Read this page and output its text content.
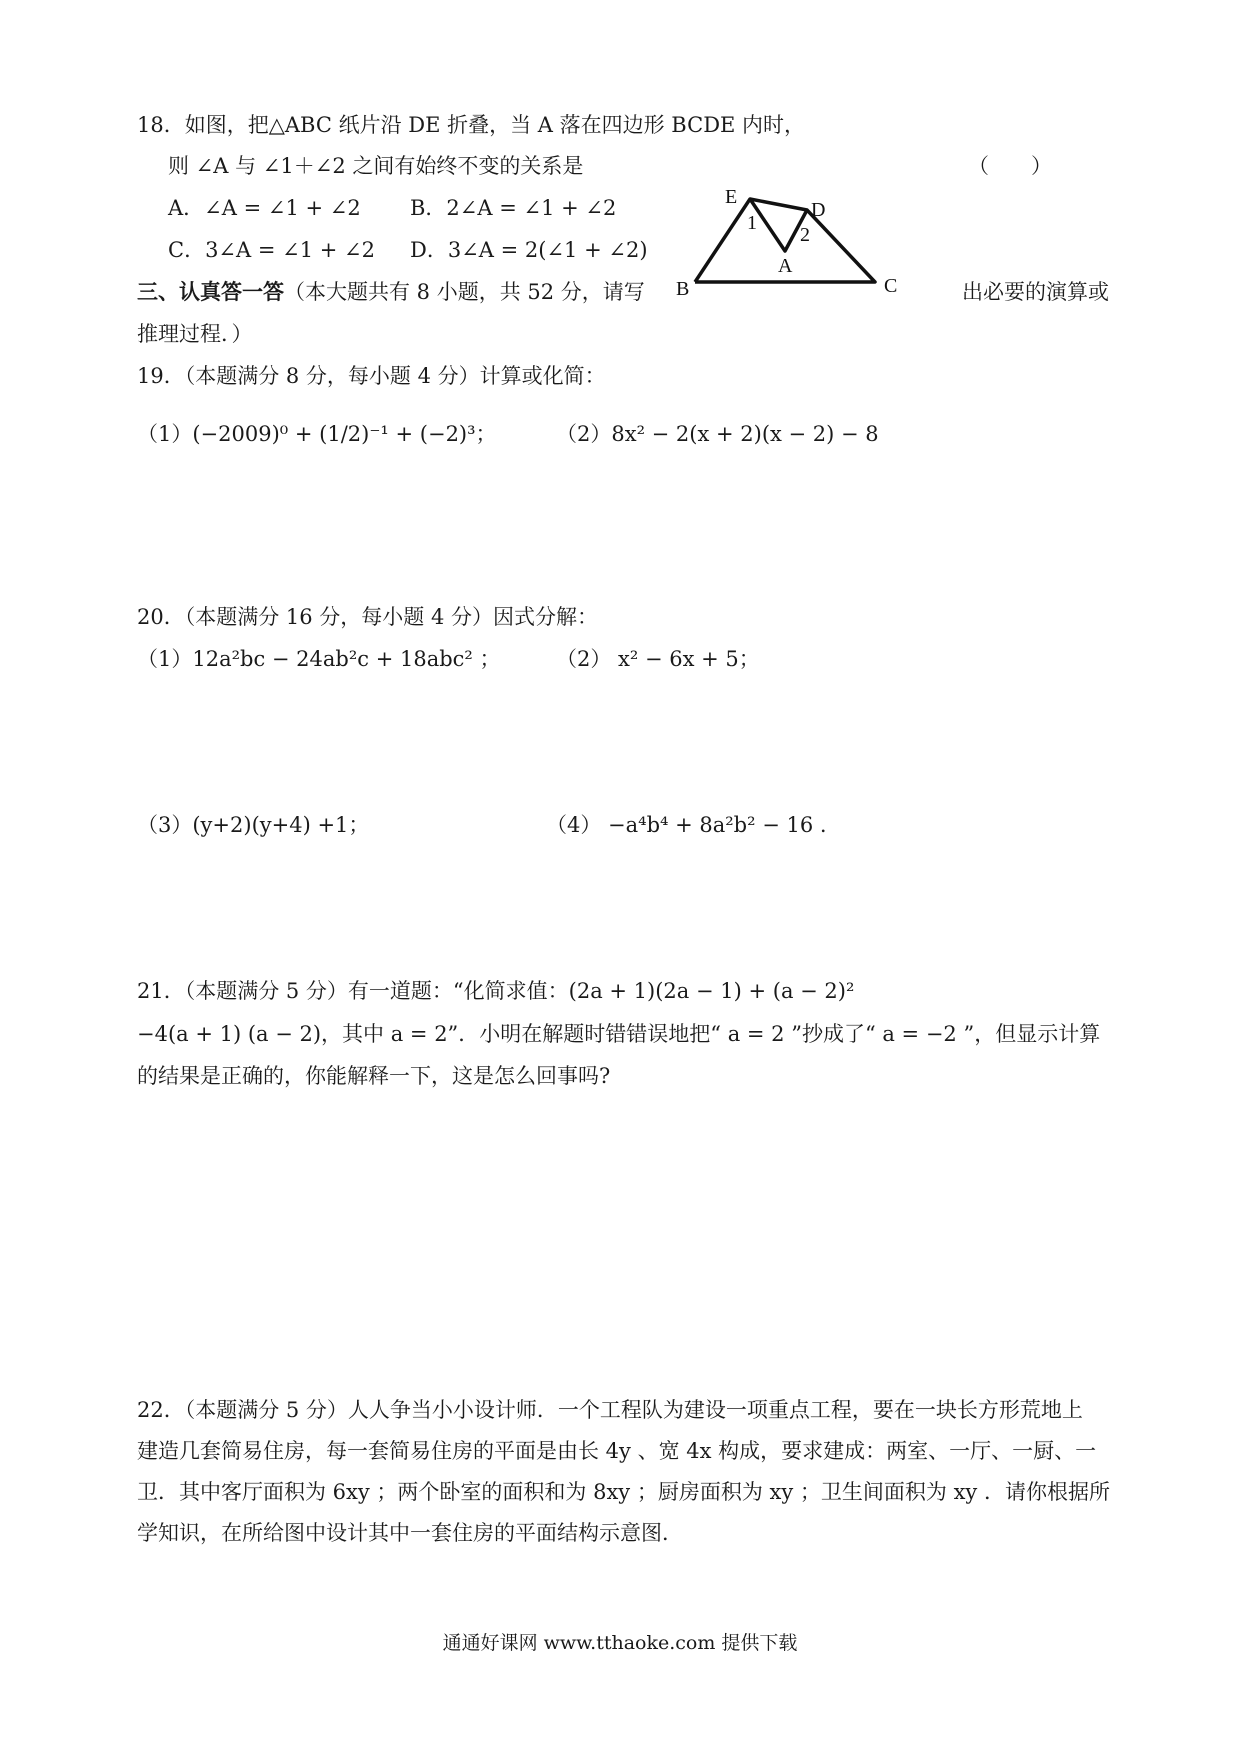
18．如图，把△ABC 纸片沿 DE 折叠，当 A 落在四边形 BCDE 内时，
则 ∠A 与 ∠1＋∠2 之间有始终不变的关系是	（　　）
A．∠A = ∠1 + ∠2 B．2∠A = ∠1 + ∠2
C．3∠A = ∠1 + ∠2 D．3∠A = 2(∠1 + ∠2)
E
D
1
2
A
B	C
三、认真答一答（本大题共有 8 小题，共 52 分，请写	出必要的演算或
推理过程．）
19．（本题满分 8 分，每小题 4 分）计算或化简：
（1）(−2009)⁰ + (1/2)⁻¹ + (−2)³；	（2）8x² − 2(x + 2)(x − 2) − 8
20．（本题满分 16 分，每小题 4 分）因式分解：
（1）12a²bc − 24ab²c + 18abc² ；	（2） x² − 6x + 5；
（3）(y+2)(y+4) +1；	（4） −a⁴b⁴ + 8a²b² − 16 .
21．（本题满分 5 分）有一道题：“化简求值：(2a + 1)(2a − 1) + (a − 2)²
−4(a + 1) (a − 2)，其中 a = 2”．小明在解题时错错误地把“ a = 2 ”抄成了“ a = −2 ”，但显示计算
的结果是正确的，你能解释一下，这是怎么回事吗?
22．（本题满分 5 分）人人争当小小设计师．一个工程队为建设一项重点工程，要在一块长方形荒地上
建造几套简易住房，每一套简易住房的平面是由长 4y 、宽 4x 构成，要求建成：两室、一厅、一厨、一
卫．其中客厅面积为 6xy ；两个卧室的面积和为 8xy ；厨房面积为 xy ；卫生间面积为 xy ．请你根据所
学知识，在所给图中设计其中一套住房的平面结构示意图．
通通好课网 www.tthaoke.com 提供下载
